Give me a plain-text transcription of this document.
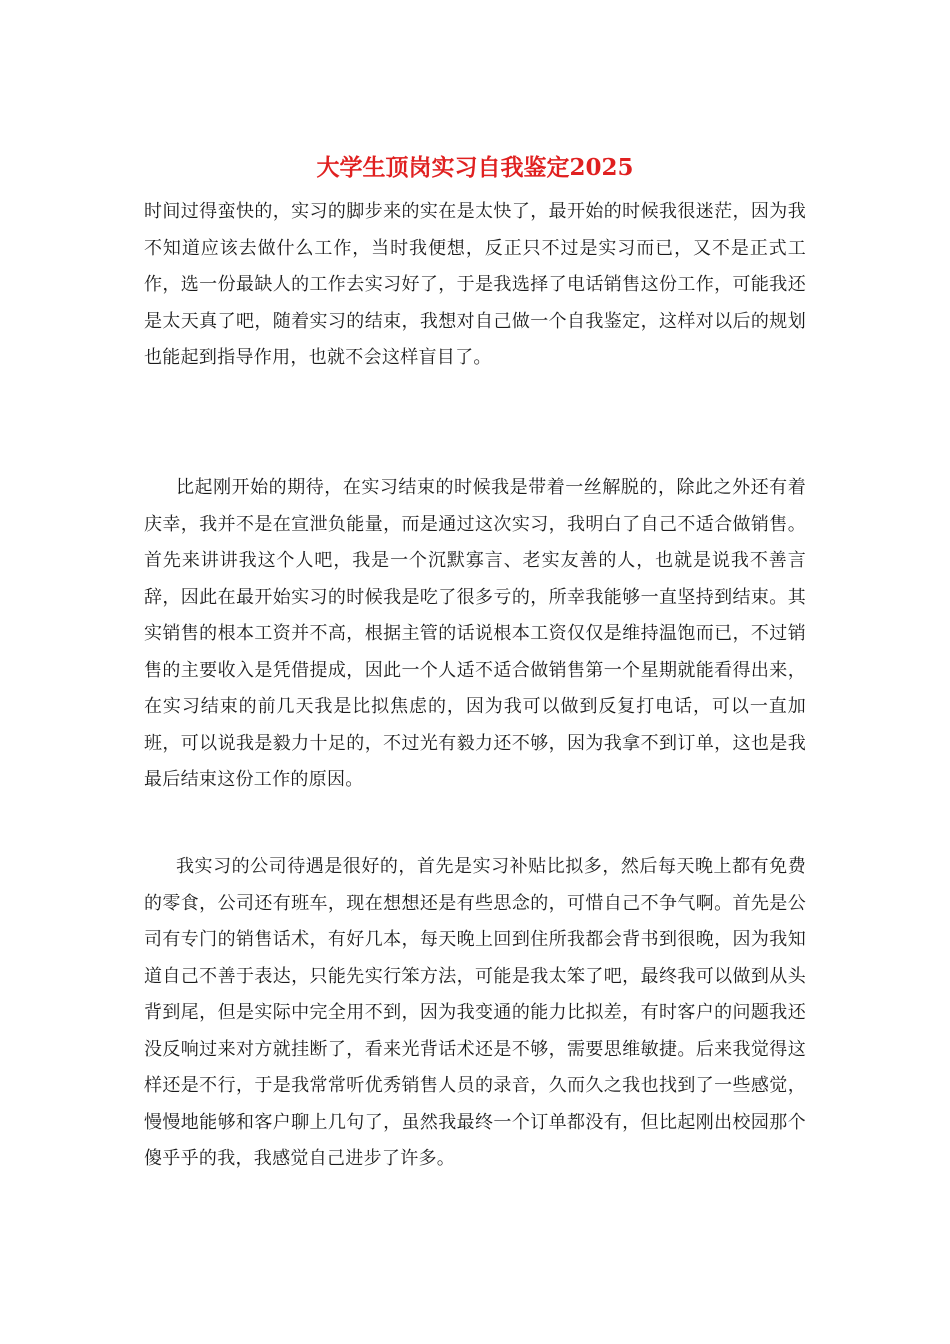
大学生顶岗实习自我鉴定2025

时间过得蛮快的，实习的脚步来的实在是太快了，最开始的时候我很迷茫，因为我不知道应该去做什么工作，当时我便想，反正只不过是实习而已，又不是正式工作，选一份最缺人的工作去实习好了，于是我选择了电话销售这份工作，可能我还是太天真了吧，随着实习的结束，我想对自己做一个自我鉴定，这样对以后的规划也能起到指导作用，也就不会这样盲目了。

比起刚开始的期待，在实习结束的时候我是带着一丝解脱的，除此之外还有着庆幸，我并不是在宣泄负能量，而是通过这次实习，我明白了自己不适合做销售。首先来讲讲我这个人吧，我是一个沉默寡言、老实友善的人，也就是说我不善言辞，因此在最开始实习的时候我是吃了很多亏的，所幸我能够一直坚持到结束。其实销售的根本工资并不高，根据主管的话说根本工资仅仅是维持温饱而已，不过销售的主要收入是凭借提成，因此一个人适不适合做销售第一个星期就能看得出来，在实习结束的前几天我是比拟焦虑的，因为我可以做到反复打电话，可以一直加班，可以说我是毅力十足的，不过光有毅力还不够，因为我拿不到订单，这也是我最后结束这份工作的原因。

我实习的公司待遇是很好的，首先是实习补贴比拟多，然后每天晚上都有免费的零食，公司还有班车，现在想想还是有些思念的，可惜自己不争气啊。首先是公司有专门的销售话术，有好几本，每天晚上回到住所我都会背书到很晚，因为我知道自己不善于表达，只能先实行笨方法，可能是我太笨了吧，最终我可以做到从头背到尾，但是实际中完全用不到，因为我变通的能力比拟差，有时客户的问题我还没反响过来对方就挂断了，看来光背话术还是不够，需要思维敏捷。后来我觉得这样还是不行，于是我常常听优秀销售人员的录音，久而久之我也找到了一些感觉，慢慢地能够和客户聊上几句了，虽然我最终一个订单都没有，但比起刚出校园那个傻乎乎的我，我感觉自己进步了许多。
